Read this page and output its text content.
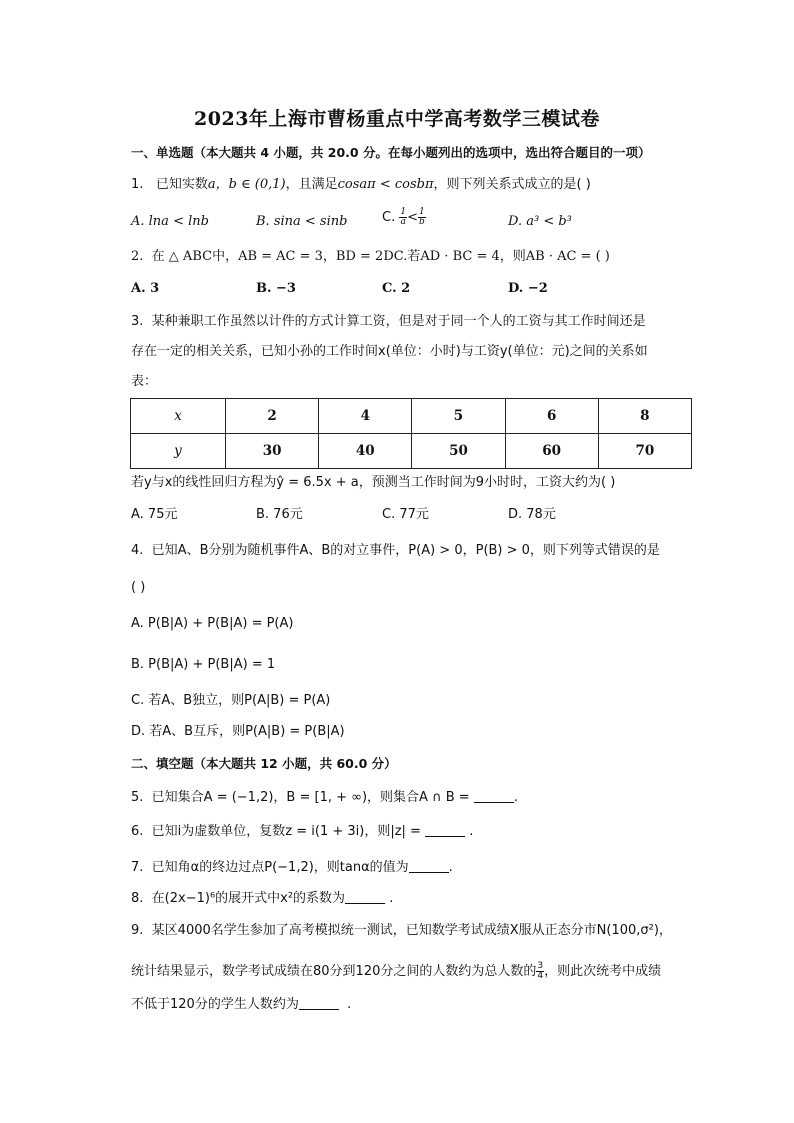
2023年上海市曹杨重点中学高考数学三模试卷
一、单选题（本大题共 4 小题，共 20.0 分。在每小题列出的选项中，选出符合题目的一项）
1. 已知实数a，b ∈ (0,1)，且满足cosaπ < cosbπ，则下列关系式成立的是( )
A. lna < lnb	B. sina < sinb	C. $\frac{1}{a} < \frac{1}{b}$	D. a³ < b³
2. 在 △ ABC中，AB = AC = 3，BD = 2DC.若AD · BC = 4，则AB · AC = ( )
A. 3	B. −3	C. 2	D. −2
3. 某种兼职工作虽然以计件的方式计算工资，但是对于同一个人的工资与其工作时间还是
存在一定的相关关系，已知小孙的工作时间x(单位：小时)与工资y(单位：元)之间的关系如
表：
x	2	4	5	6	8
y	30	40	50	60	70
若y与x的线性回归方程为ŷ = 6.5x + a，预测当工作时间为9小时时，工资大约为( )
A. 75元	B. 76元	C. 77元	D. 78元
4. 已知A、B分别为随机事件A、B的对立事件，P(A) > 0，P(B) > 0，则下列等式错误的是
( )
A. P(B|A) + P(B|A) = P(A)
B. P(B|A) + P(B|A) = 1
C. 若A、B独立，则P(A|B) = P(A)
D. 若A、B互斥，则P(A|B) = P(B|A)
二、填空题（本大题共 12 小题，共 60.0 分）
5. 已知集合A = (−1,2)，B = [1, + ∞)，则集合A ∩ B =	.
6. 已知i为虚数单位，复数z = i(1 + 3i)，则|z| =	.
7. 已知角α的终边过点P(−1,2)，则tanα的值为	.
8. 在(2x−1)⁶的展开式中x²的系数为	.
9. 某区4000名学生参加了高考模拟统一测试，已知数学考试成绩X服从正态分市N(100,σ²)，
统计结果显示，数学考试成绩在80分到120分之间的人数约为总人数的 $\frac{3}{4}$ ，则此次统考中成绩
不低于120分的学生人数约为	.
